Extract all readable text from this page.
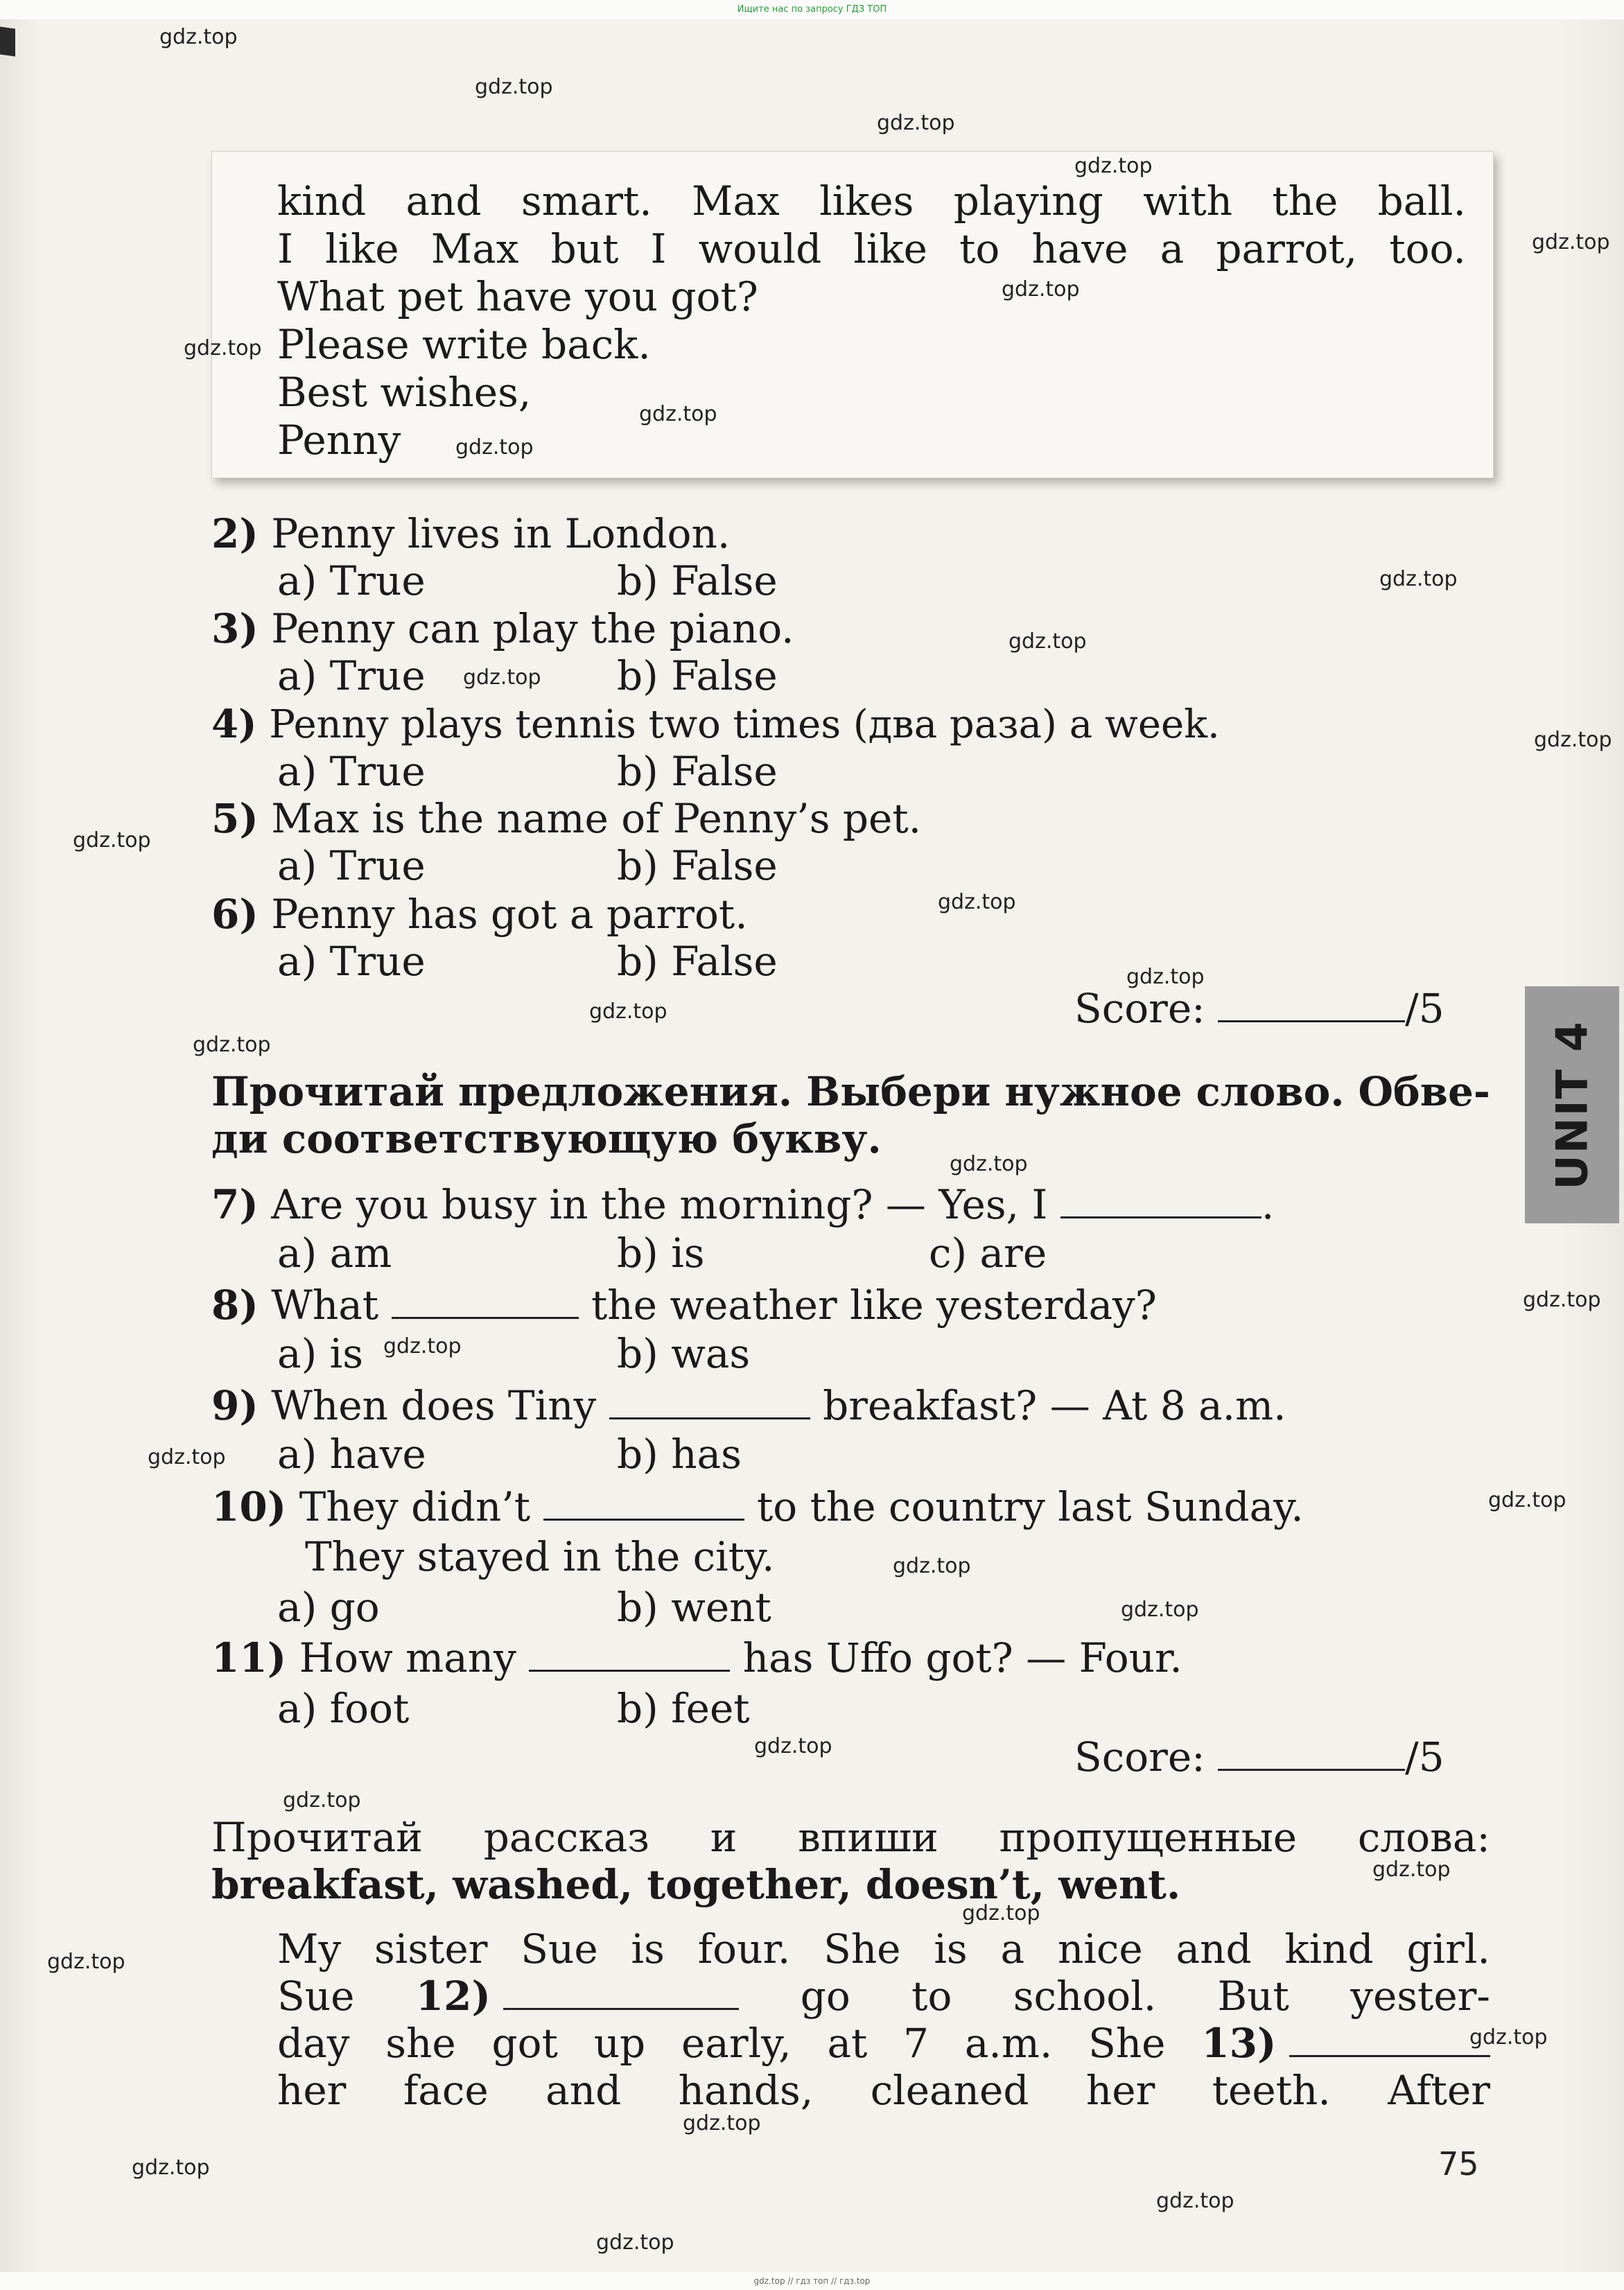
Ищите нас по запросу ГДЗ ТОП
gdz.top // гдз топ // гдз.top
kind and smart. Max likes playing with the ball.
I like Max but I would like to have a parrot, too.
What pet have you got?
Please write back.
Best wishes,
Penny
2) Penny lives in London.
a) True	b) False
3) Penny can play the piano.
a) True	b) False
4) Penny plays tennis two times (два раза) a week.
a) True	b) False
5) Max is the name of Penny’s pet.
a) True	b) False
6) Penny has got a parrot.
a) True	b) False
Score:	/5
Прочитай предложения. Выбери нужное слово. Обве-
ди соответствующую букву.
7) Are you busy in the morning? — Yes, I	.
a) am	b) is	c) are
8) What	the weather like yesterday?
a) is	b) was
9) When does Tiny	breakfast? — At 8 a.m.
a) have	b) has
10) They didn’t	to the country last Sunday.
They stayed in the city.
a) go	b) went
11) How many	has Uffo got? — Four.
a) foot	b) feet
Score:	/5
Прочитай рассказ и впиши пропущенные слова:
breakfast, washed, together, doesn’t, went.
My sister Sue is four. She is a nice and kind girl.
Sue 12)	go to school. But yester-
day she got up early, at 7 a.m. She 13)
her face and hands, cleaned her teeth. After
UNIT 4
75
gdz.top
gdz.top
gdz.top
gdz.top
gdz.top
gdz.top
gdz.top
gdz.top
gdz.top
gdz.top
gdz.top
gdz.top
gdz.top
gdz.top
gdz.top
gdz.top
gdz.top
gdz.top
gdz.top
gdz.top
gdz.top
gdz.top
gdz.top
gdz.top
gdz.top
gdz.top
gdz.top
gdz.top
gdz.top
gdz.top
gdz.top
gdz.top
gdz.top
gdz.top
gdz.top
